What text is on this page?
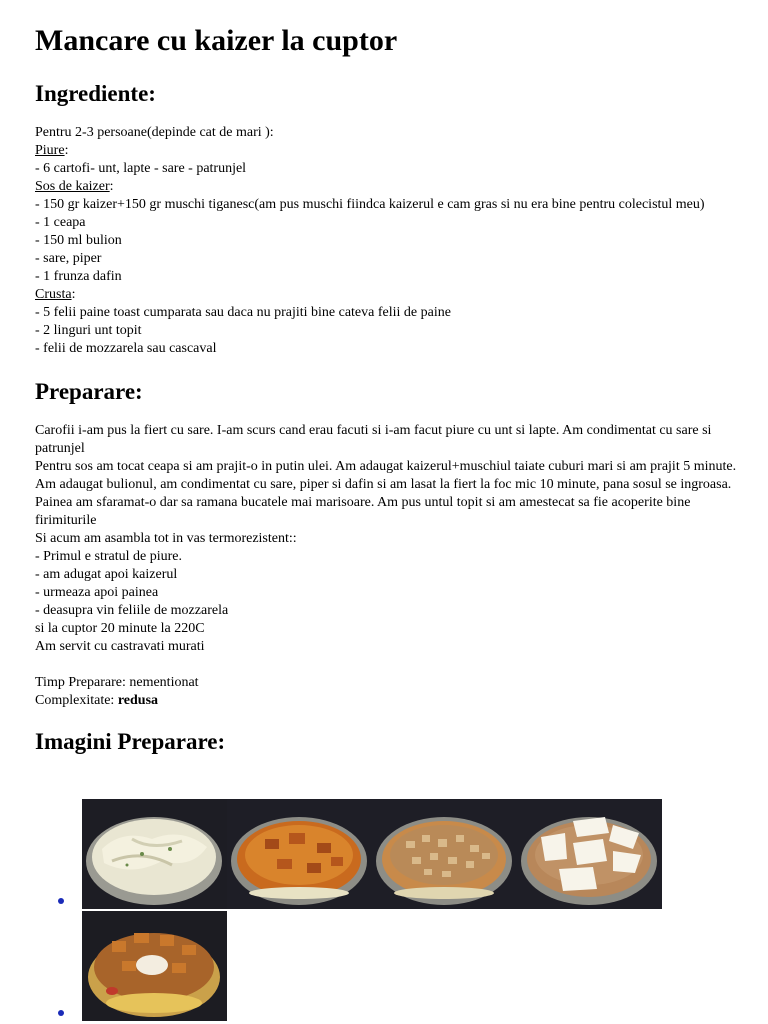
Mancare cu kaizer la cuptor
Ingrediente:
Pentru 2-3 persoane(depinde cat de mari ):
Piure:
- 6 cartofi- unt, lapte - sare - patrunjel
Sos de kaizer:
- 150 gr kaizer+150 gr muschi tiganesc(am pus muschi fiindca kaizerul e cam gras si nu era bine pentru colecistul meu)
- 1 ceapa
- 150 ml bulion
- sare, piper
- 1 frunza dafin
Crusta:
- 5 felii paine toast cumparata sau daca nu prajiti bine cateva felii de paine
- 2 linguri unt topit
- felii de mozzarela sau cascaval
Preparare:
Carofii i-am pus la fiert cu sare. I-am scurs cand erau facuti si i-am facut piure cu unt si lapte. Am condimentat cu sare si patrunjel
Pentru sos am tocat ceapa si am prajit-o in putin ulei. Am adaugat kaizerul+muschiul taiate cuburi mari si am prajit 5 minute. Am adaugat bulionul, am condimentat cu sare, piper si dafin si am lasat la fiert la foc mic 10 minute, pana sosul se ingroasa.
Painea am sfaramat-o dar sa ramana bucatele mai marisoare. Am pus untul topit si am amestecat sa fie acoperite bine firimiturile
Si acum am asambla tot in vas termorezistent::
- Primul e stratul de piure.
- am adugat apoi kaizerul
- urmeaza apoi painea
- deasupra vin feliile de mozzarela
si la cuptor 20 minute la 220C
Am servit cu castravati murati
Timp Preparare: nementionat
Complexitate: redusa
Imagini Preparare:
